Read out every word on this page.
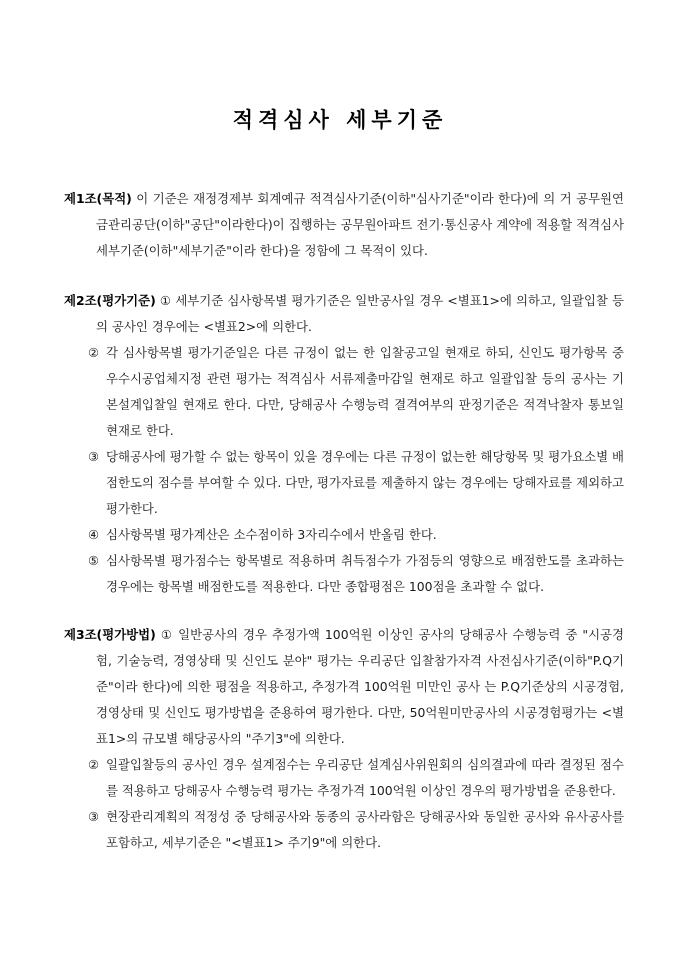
적격심사 세부기준
제1조(목적) 이 기준은 재정경제부 회계예규 적격심사기준(이하"심사기준"이라 한다)에 의 거 공무원연금관리공단(이하"공단"이라한다)이 집행하는 공무원아파트 전기·통신공사 계약에 적용할 적격심사 세부기준(이하"세부기준"이라 한다)을 정함에 그 목적이 있다.
제2조(평가기준) ① 세부기준 심사항목별 평가기준은 일반공사일 경우 <별표1>에 의하고, 일괄입찰 등의 공사인 경우에는 <별표2>에 의한다.
② 각 심사항목별 평가기준일은 다른 규정이 없는 한 입찰공고일 현재로 하되, 신인도 평가항목 중 우수시공업체지정 관련 평가는 적격심사 서류제출마감일 현재로 하고 일괄입찰 등의 공사는 기본설계입찰일 현재로 한다. 다만, 당해공사 수행능력 결격여부의 판정기준은 적격낙찰자 통보일 현재로 한다.
③ 당해공사에 평가할 수 없는 항목이 있을 경우에는 다른 규정이 없는한 해당항목 및 평가요소별 배점한도의 점수를 부여할 수 있다. 다만, 평가자료를 제출하지 않는 경우에는 당해자료를 제외하고 평가한다.
④ 심사항목별 평가계산은 소수점이하 3자리수에서 반올림 한다.
⑤ 심사항목별 평가점수는 항목별로 적용하며 취득점수가 가점등의 영향으로 배점한도를 초과하는 경우에는 항목별 배점한도를 적용한다. 다만 종합평점은 100점을 초과할 수 없다.
제3조(평가방법) ① 일반공사의 경우 추정가액 100억원 이상인 공사의 당해공사 수행능력 중 "시공경험, 기술능력, 경영상태 및 신인도 분야" 평가는 우리공단 입찰참가자격 사전심사기준(이하"P.Q기준"이라 한다)에 의한 평점을 적용하고, 추정가격 100억원 미만인 공사 는 P.Q기준상의 시공경험, 경영상태 및 신인도 평가방법을 준용하여 평가한다. 다만, 50억원미만공사의 시공경험평가는 <별표1>의 규모별 해당공사의 "주기3"에 의한다.
② 일괄입찰등의 공사인 경우 설계점수는 우리공단 설계심사위원회의 심의결과에 따라 결정된 점수를 적용하고 당해공사 수행능력 평가는 추정가격 100억원 이상인 경우의 평가방법을 준용한다.
③ 현장관리계획의 적정성 중 당해공사와 동종의 공사라함은 당해공사와 동일한 공사와 유사공사를 포함하고, 세부기준은 "<별표1> 주기9"에 의한다.
